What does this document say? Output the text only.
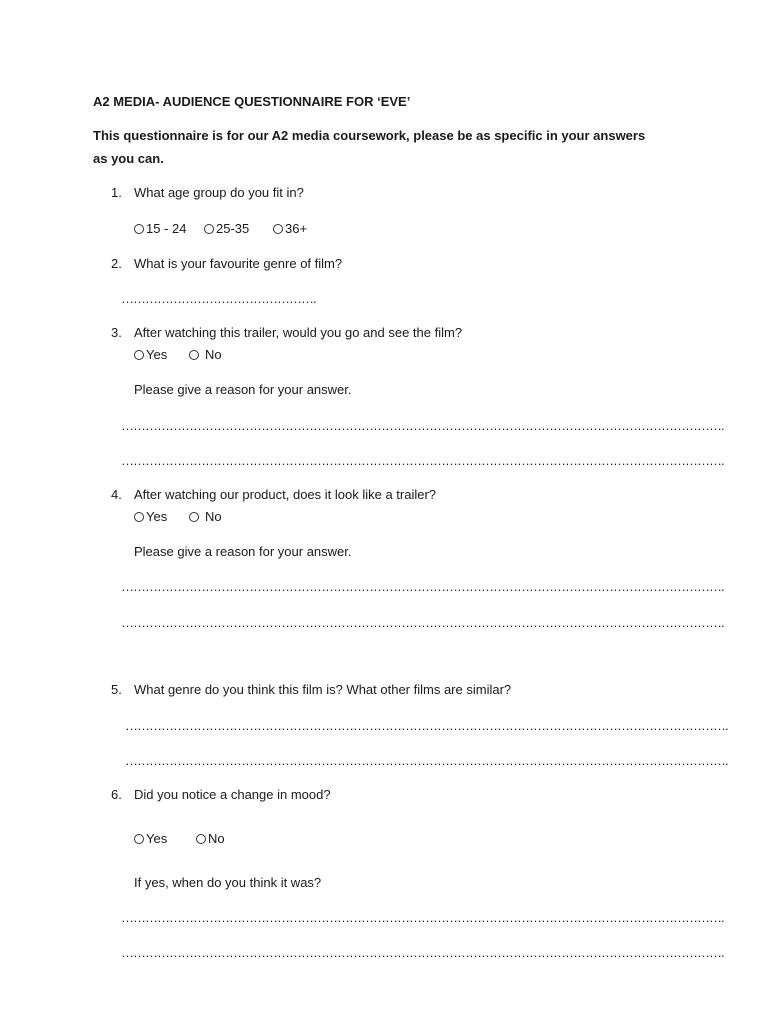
A2 MEDIA- AUDIENCE QUESTIONNAIRE FOR ‘EVE’
This questionnaire is for our A2 media coursework, please be as specific in your answers
as you can.
1. What age group do you fit in?
15 - 24 25-35	36+
2. What is your favourite genre of film?
………………………………………….
3. After watching this trailer, would you go and see the film?
Yes	No
Please give a reason for your answer.
…………………………………………………………………………………………………………………………………….
…………………………………………………………………………………………………………………………………….
4. After watching our product, does it look like a trailer?
Yes	No
Please give a reason for your answer.
…………………………………………………………………………………………………………………………………….
…………………………………………………………………………………………………………………………………….
5. What genre do you think this film is? What other films are similar?
…………………………………………………………………………………………………………………………………….
…………………………………………………………………………………………………………………………………….
6. Did you notice a change in mood?
Yes	No
If yes, when do you think it was?
…………………………………………………………………………………………………………………………………….
…………………………………………………………………………………………………………………………………….
